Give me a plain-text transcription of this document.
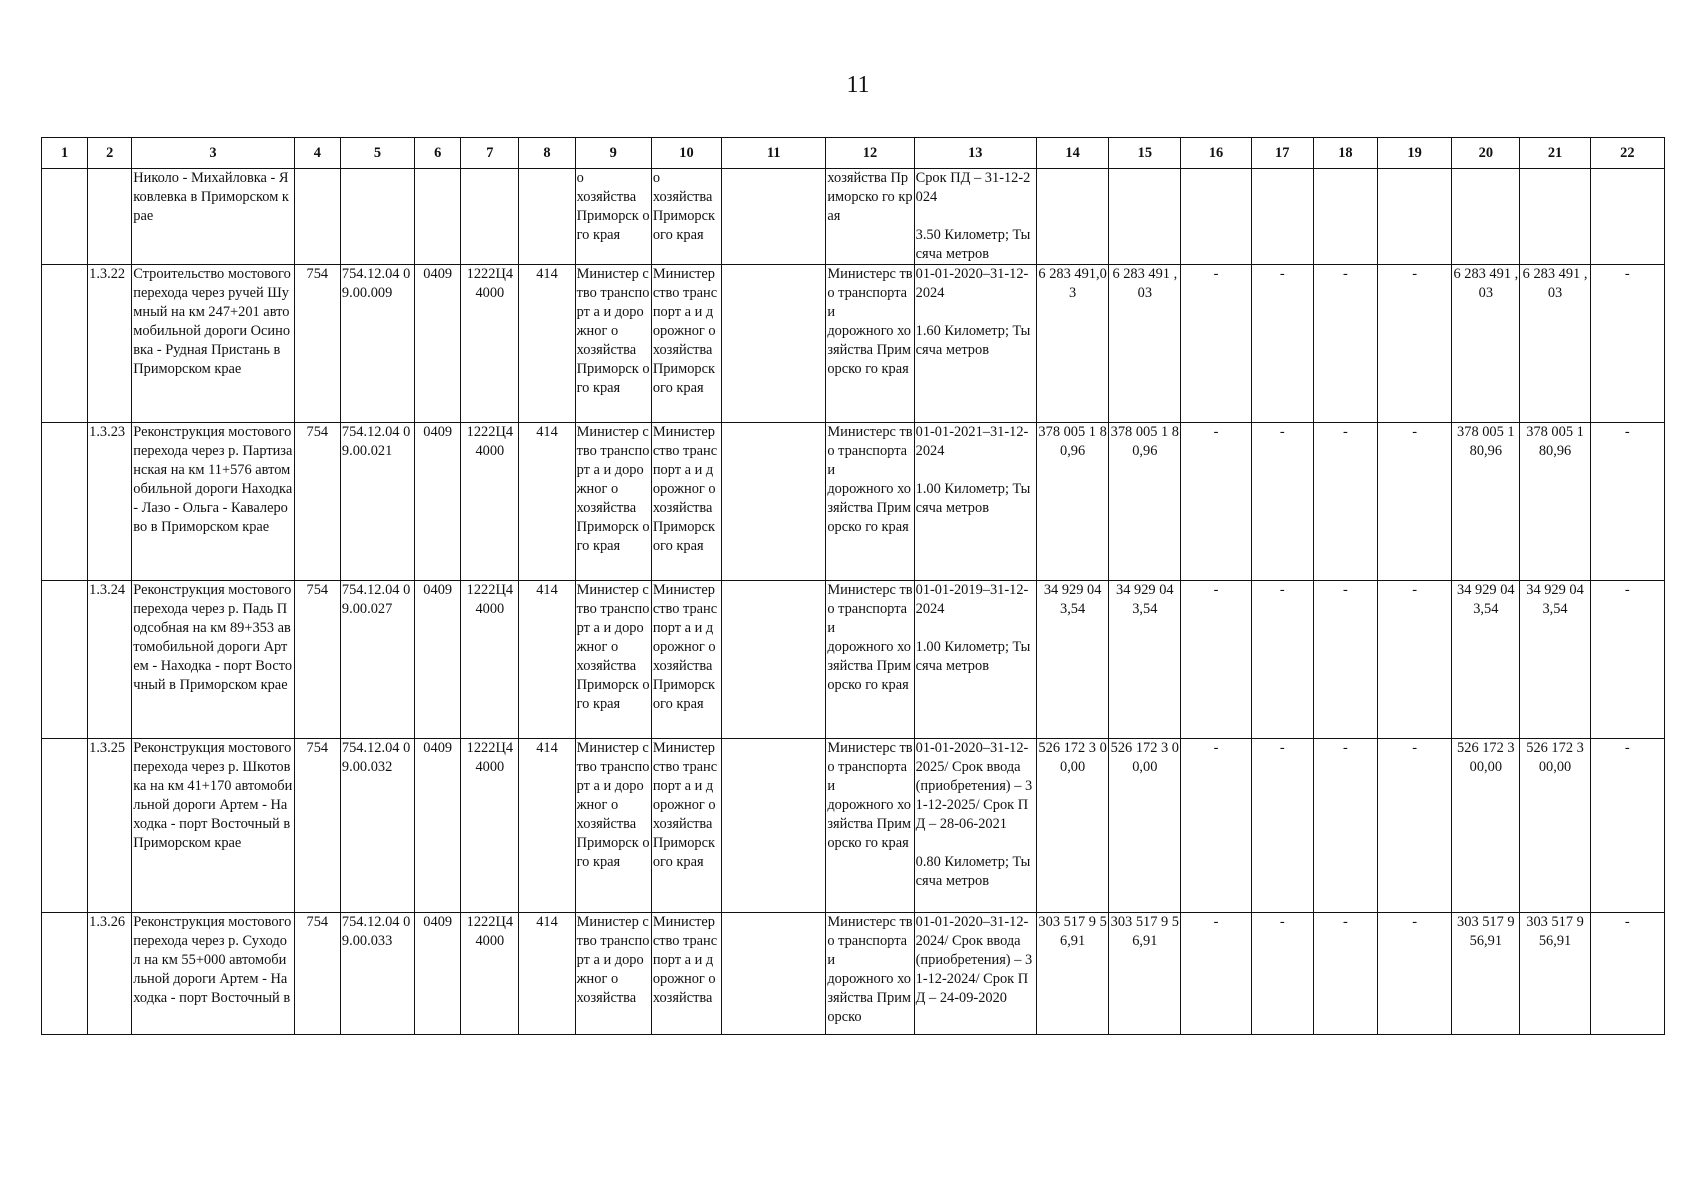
11
1	2	3	4	5	6	7	8	9	10	11	12	13	14	15	16	17	18	19	20	21	22
		Николо - Михайловка - Яковлевка в Приморском крае						о
хозяйства Приморск ого края	о
хозяйства Приморск ого края		хозяйства Приморско го края	Срок ПД – 31-12-2024

3.50 Километр; Тысяча метров									
	1.3.22	Строительство мостового перехода через ручей Шумный на км 247+201 автомобильной дороги Осиновка - Рудная Пристань в Приморском крае	754	754.12.04 09.00.009	0409	1222Ц4 4000	414	Министер ство транспорт а и дорожног о
хозяйства Приморск ого края	Министер ство транспорт а и дорожног о
хозяйства Приморск ого края		Министерс тво транспорта и
дорожного хозяйства Приморско го края	01-01-2020–31-12-2024

1.60 Километр; Тысяча метров	6 283 491,03	6 283 491 ,03	-	-	-	-	6 283 491 ,03	6 283 491 ,03	-
	1.3.23	Реконструкция мостового перехода через р. Партизанская на км 11+576 автомобильной дороги Находка - Лазо - Ольга - Кавалерово в Приморском крае	754	754.12.04 09.00.021	0409	1222Ц4 4000	414	Министер ство транспорт а и дорожног о
хозяйства Приморск ого края	Министер ство транспорт а и дорожног о
хозяйства Приморск ого края		Министерс тво транспорта и
дорожного хозяйства Приморско го края	01-01-2021–31-12-2024

1.00 Километр; Тысяча метров	378 005 1 80,96	378 005 1 80,96	-	-	-	-	378 005 1 80,96	378 005 1 80,96	-
	1.3.24	Реконструкция мостового перехода через р. Падь Подсобная на км 89+353 автомобильной дороги Артем - Находка - порт Восточный в Приморском крае	754	754.12.04 09.00.027	0409	1222Ц4 4000	414	Министер ство транспорт а и дорожног о
хозяйства Приморск ого края	Министер ство транспорт а и дорожног о
хозяйства Приморск ого края		Министерс тво транспорта и
дорожного хозяйства Приморско го края	01-01-2019–31-12-2024

1.00 Километр; Тысяча метров	34 929 04 3,54	34 929 04 3,54	-	-	-	-	34 929 04 3,54	34 929 04 3,54	-
	1.3.25	Реконструкция мостового перехода через р. Шкотовка на км 41+170 автомобильной дороги Артем - Находка - порт Восточный в Приморском крае	754	754.12.04 09.00.032	0409	1222Ц4 4000	414	Министер ство транспорт а и дорожног о
хозяйства Приморск ого края	Министер ство транспорт а и дорожног о
хозяйства Приморск ого края		Министерс тво транспорта и
дорожного хозяйства Приморско го края	01-01-2020–31-12-2025/ Срок ввода (приобретения) – 31-12-2025/ Срок ПД – 28-06-2021

0.80 Километр; Тысяча метров	526 172 3 00,00	526 172 3 00,00	-	-	-	-	526 172 3 00,00	526 172 3 00,00	-
	1.3.26	Реконструкция мостового перехода через р. Суходол на км 55+000 автомобильной дороги Артем - Находка - порт Восточный в	754	754.12.04 09.00.033	0409	1222Ц4 4000	414	Министер ство транспорт а и дорожног о
хозяйства	Министер ство транспорт а и дорожног о
хозяйства		Министерс тво транспорта и
дорожного хозяйства Приморско	01-01-2020–31-12-2024/ Срок ввода (приобретения) – 31-12-2024/ Срок ПД – 24-09-2020	303 517 9 56,91	303 517 9 56,91	-	-	-	-	303 517 9 56,91	303 517 9 56,91	-
